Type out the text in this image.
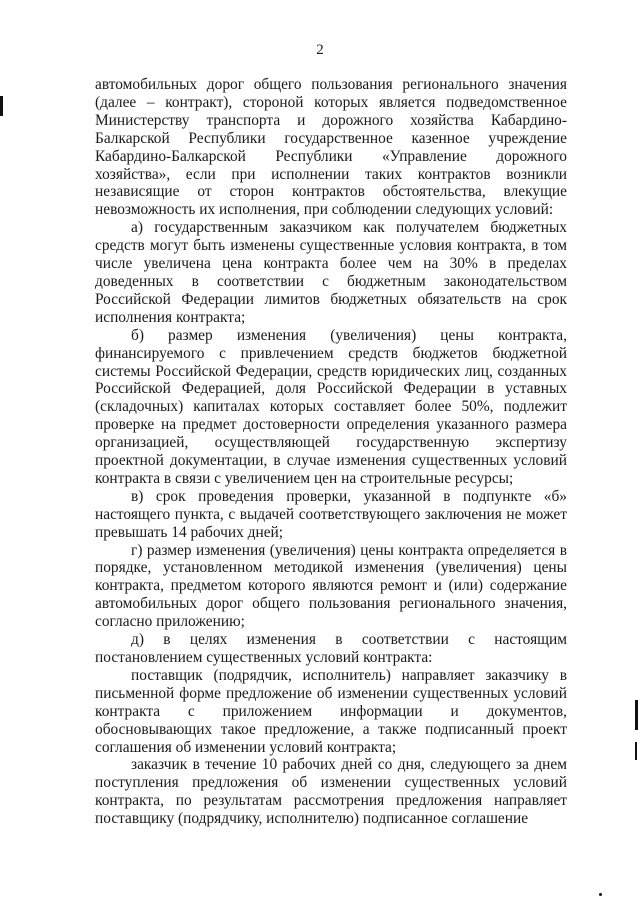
2

автомобильных дорог общего пользования регионального значения (далее – контракт), стороной которых является подведомственное Министерству транспорта и дорожного хозяйства Кабардино-Балкарской Республики государственное казенное учреждение Кабардино-Балкарской Республики «Управление дорожного хозяйства», если при исполнении таких контрактов возникли независящие от сторон контрактов обстоятельства, влекущие невозможность их исполнения, при соблюдении следующих условий:

а) государственным заказчиком как получателем бюджетных средств могут быть изменены существенные условия контракта, в том числе увеличена цена контракта более чем на 30% в пределах доведенных в соответствии с бюджетным законодательством Российской Федерации лимитов бюджетных обязательств на срок исполнения контракта;

б) размер изменения (увеличения) цены контракта, финансируемого с привлечением средств бюджетов бюджетной системы Российской Федерации, средств юридических лиц, созданных Российской Федерацией, доля Российской Федерации в уставных (складочных) капиталах которых составляет более 50%, подлежит проверке на предмет достоверности определения указанного размера организацией, осуществляющей государственную экспертизу проектной документации, в случае изменения существенных условий контракта в связи с увеличением цен на строительные ресурсы;

в) срок проведения проверки, указанной в подпункте «б» настоящего пункта, с выдачей соответствующего заключения не может превышать 14 рабочих дней;

г) размер изменения (увеличения) цены контракта определяется в порядке, установленном методикой изменения (увеличения) цены контракта, предметом которого являются ремонт и (или) содержание автомобильных дорог общего пользования регионального значения, согласно приложению;

д) в целях изменения в соответствии с настоящим постановлением существенных условий контракта:

поставщик (подрядчик, исполнитель) направляет заказчику в письменной форме предложение об изменении существенных условий контракта с приложением информации и документов, обосновывающих такое предложение, а также подписанный проект соглашения об изменении условий контракта;

заказчик в течение 10 рабочих дней со дня, следующего за днем поступления предложения об изменении существенных условий контракта, по результатам рассмотрения предложения направляет поставщику (подрядчику, исполнителю) подписанное соглашение
